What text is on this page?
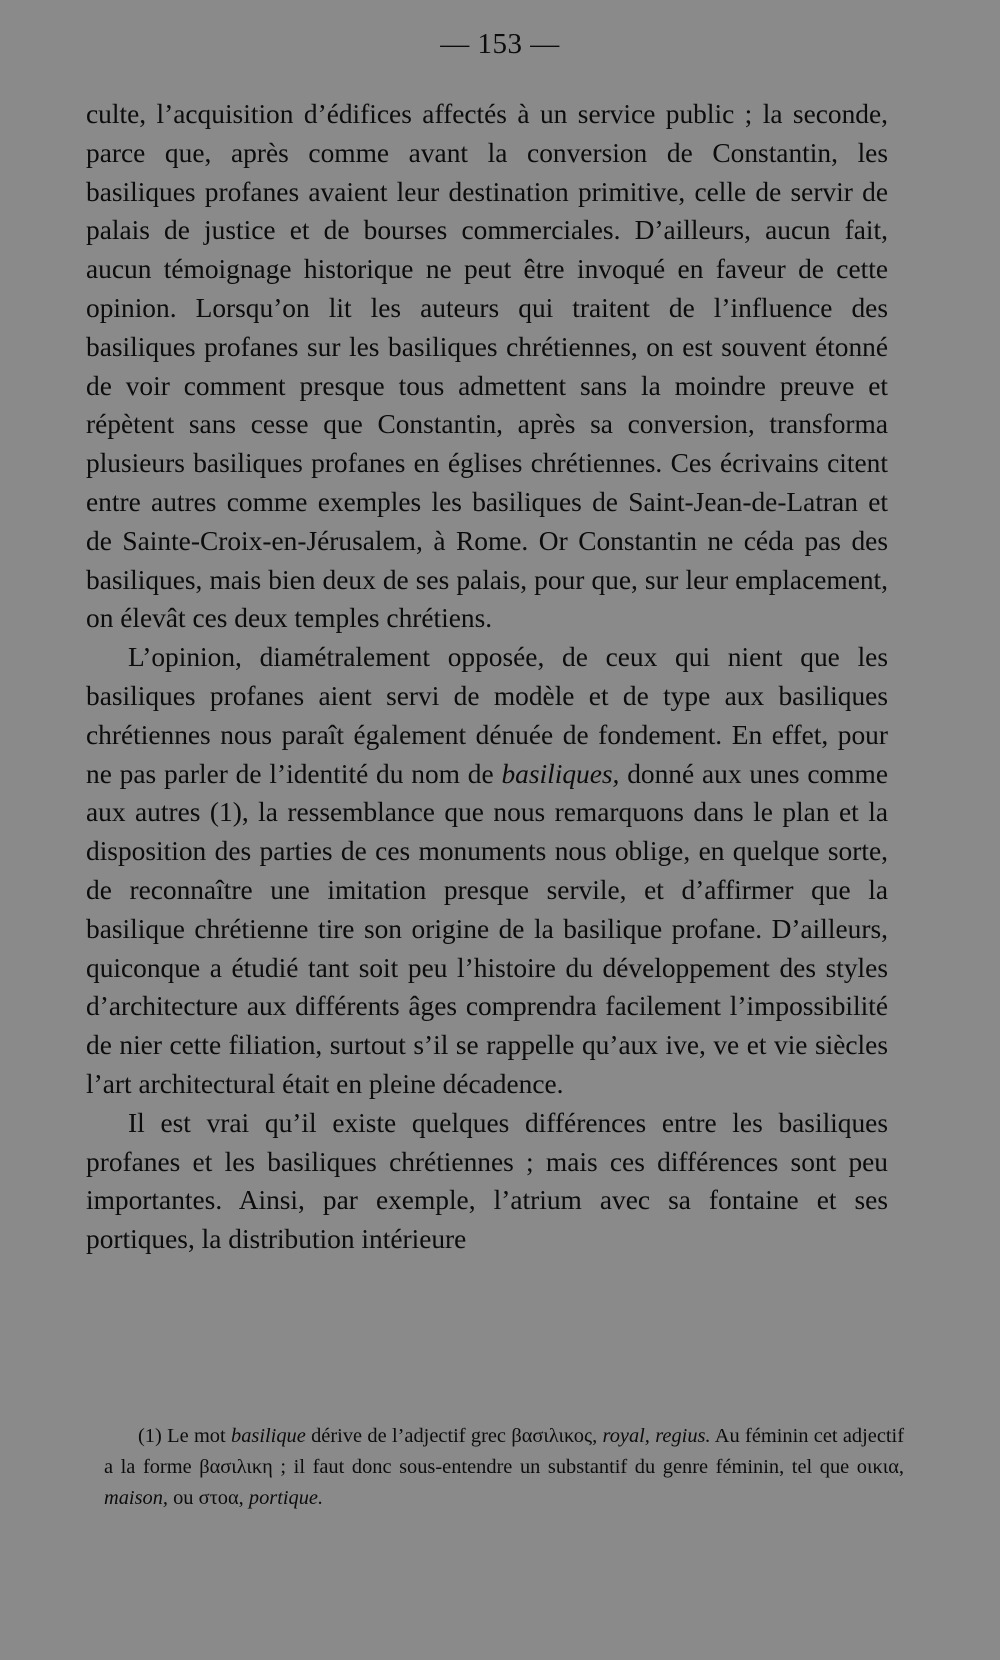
— 153 —

culte, l’acquisition d’édifices affectés à un service public ; la seconde, parce que, après comme avant la conversion de Constantin, les basiliques profanes avaient leur destination primitive, celle de servir de palais de justice et de bourses commerciales. D’ailleurs, aucun fait, aucun témoignage historique ne peut être invoqué en faveur de cette opinion. Lorsqu’on lit les auteurs qui traitent de l’influence des basiliques profanes sur les basiliques chrétiennes, on est souvent étonné de voir comment presque tous admettent sans la moindre preuve et répètent sans cesse que Constantin, après sa conversion, transforma plusieurs basiliques profanes en églises chrétiennes. Ces écrivains citent entre autres comme exemples les basiliques de Saint-Jean-de-Latran et de Sainte-Croix-en-Jérusalem, à Rome. Or Constantin ne céda pas des basiliques, mais bien deux de ses palais, pour que, sur leur emplacement, on élevât ces deux temples chrétiens.

L’opinion, diamétralement opposée, de ceux qui nient que les basiliques profanes aient servi de modèle et de type aux basiliques chrétiennes nous paraît également dénuée de fondement. En effet, pour ne pas parler de l’identité du nom de basiliques, donné aux unes comme aux autres (1), la ressemblance que nous remarquons dans le plan et la disposition des parties de ces monuments nous oblige, en quelque sorte, de reconnaître une imitation presque servile, et d’affirmer que la basilique chrétienne tire son origine de la basilique profane. D’ailleurs, quiconque a étudié tant soit peu l’histoire du développement des styles d’architecture aux différents âges comprendra facilement l’impossibilité de nier cette filiation, surtout s’il se rappelle qu’aux ive, ve et vie siècles l’art architectural était en pleine décadence.

Il est vrai qu’il existe quelques différences entre les basiliques profanes et les basiliques chrétiennes ; mais ces différences sont peu importantes. Ainsi, par exemple, l’atrium avec sa fontaine et ses portiques, la distribution intérieure

(1) Le mot basilique dérive de l’adjectif grec βασιλικος, royal, regius. Au féminin cet adjectif a la forme βασιλικη ; il faut donc sous-entendre un substantif du genre féminin, tel que οικια, maison, ou στοα, portique.
